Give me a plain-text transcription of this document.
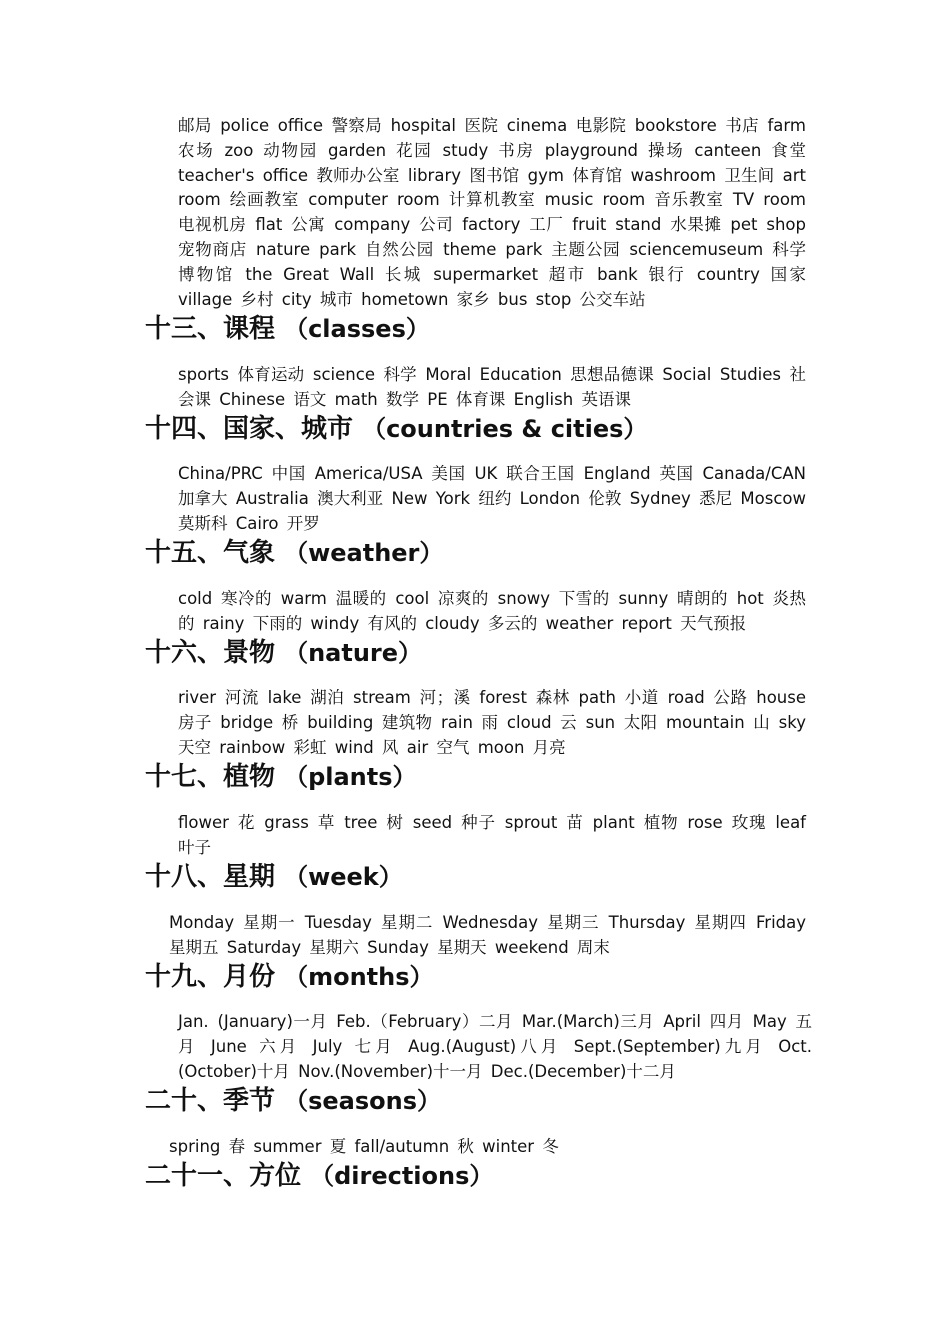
邮局 police office 警察局 hospital 医院 cinema 电影院 bookstore 书店 farm 农场 zoo 动物园 garden 花园 study 书房 playground 操场 canteen 食堂 teacher's office 教师办公室 library 图书馆 gym 体育馆 washroom 卫生间 art room 绘画教室 computer room 计算机教室 music room 音乐教室 TV room 电视机房 flat 公寓 company 公司 factory 工厂 fruit stand 水果摊 pet shop 宠物商店 nature park 自然公园 theme park 主题公园 sciencemuseum 科学博物馆 the Great Wall 长城 supermarket 超市 bank 银行 country 国家 village 乡村 city 城市 hometown 家乡 bus stop 公交车站

十三、课程 （classes）

sports 体育运动 science 科学 Moral Education 思想品德课 Social Studies 社会课 Chinese 语文 math 数学 PE 体育课 English 英语课

十四、国家、城市 （countries & cities）

China/PRC 中国 America/USA 美国 UK 联合王国 England 英国 Canada/CAN 加拿大 Australia 澳大利亚 New York 纽约 London 伦敦 Sydney 悉尼 Moscow 莫斯科 Cairo 开罗

十五、气象 （weather）

cold 寒冷的 warm 温暖的 cool 凉爽的 snowy 下雪的 sunny 晴朗的 hot 炎热的 rainy 下雨的 windy 有风的 cloudy 多云的 weather report 天气预报

十六、景物 （nature）

river 河流 lake 湖泊 stream 河；溪 forest 森林 path 小道 road 公路 house 房子 bridge 桥 building 建筑物 rain 雨 cloud 云 sun 太阳 mountain 山 sky 天空 rainbow 彩虹 wind 风 air 空气 moon 月亮

十七、植物 （plants）

flower 花 grass 草 tree 树 seed 种子 sprout 苗 plant 植物 rose 玫瑰 leaf 叶子

十八、星期 （week）

Monday 星期一 Tuesday 星期二 Wednesday 星期三 Thursday 星期四 Friday 星期五 Saturday 星期六 Sunday 星期天 weekend 周末

十九、月份 （months）

Jan. (January)一月 Feb.（February）二月 Mar.(March)三月 April 四月 May 五月 June 六月 July 七月 Aug.(August)八月 Sept.(September)九月 Oct.(October)十月 Nov.(November)十一月 Dec.(December)十二月

二十、季节 （seasons）

spring 春 summer 夏 fall/autumn 秋 winter 冬

二十一、方位 （directions）
